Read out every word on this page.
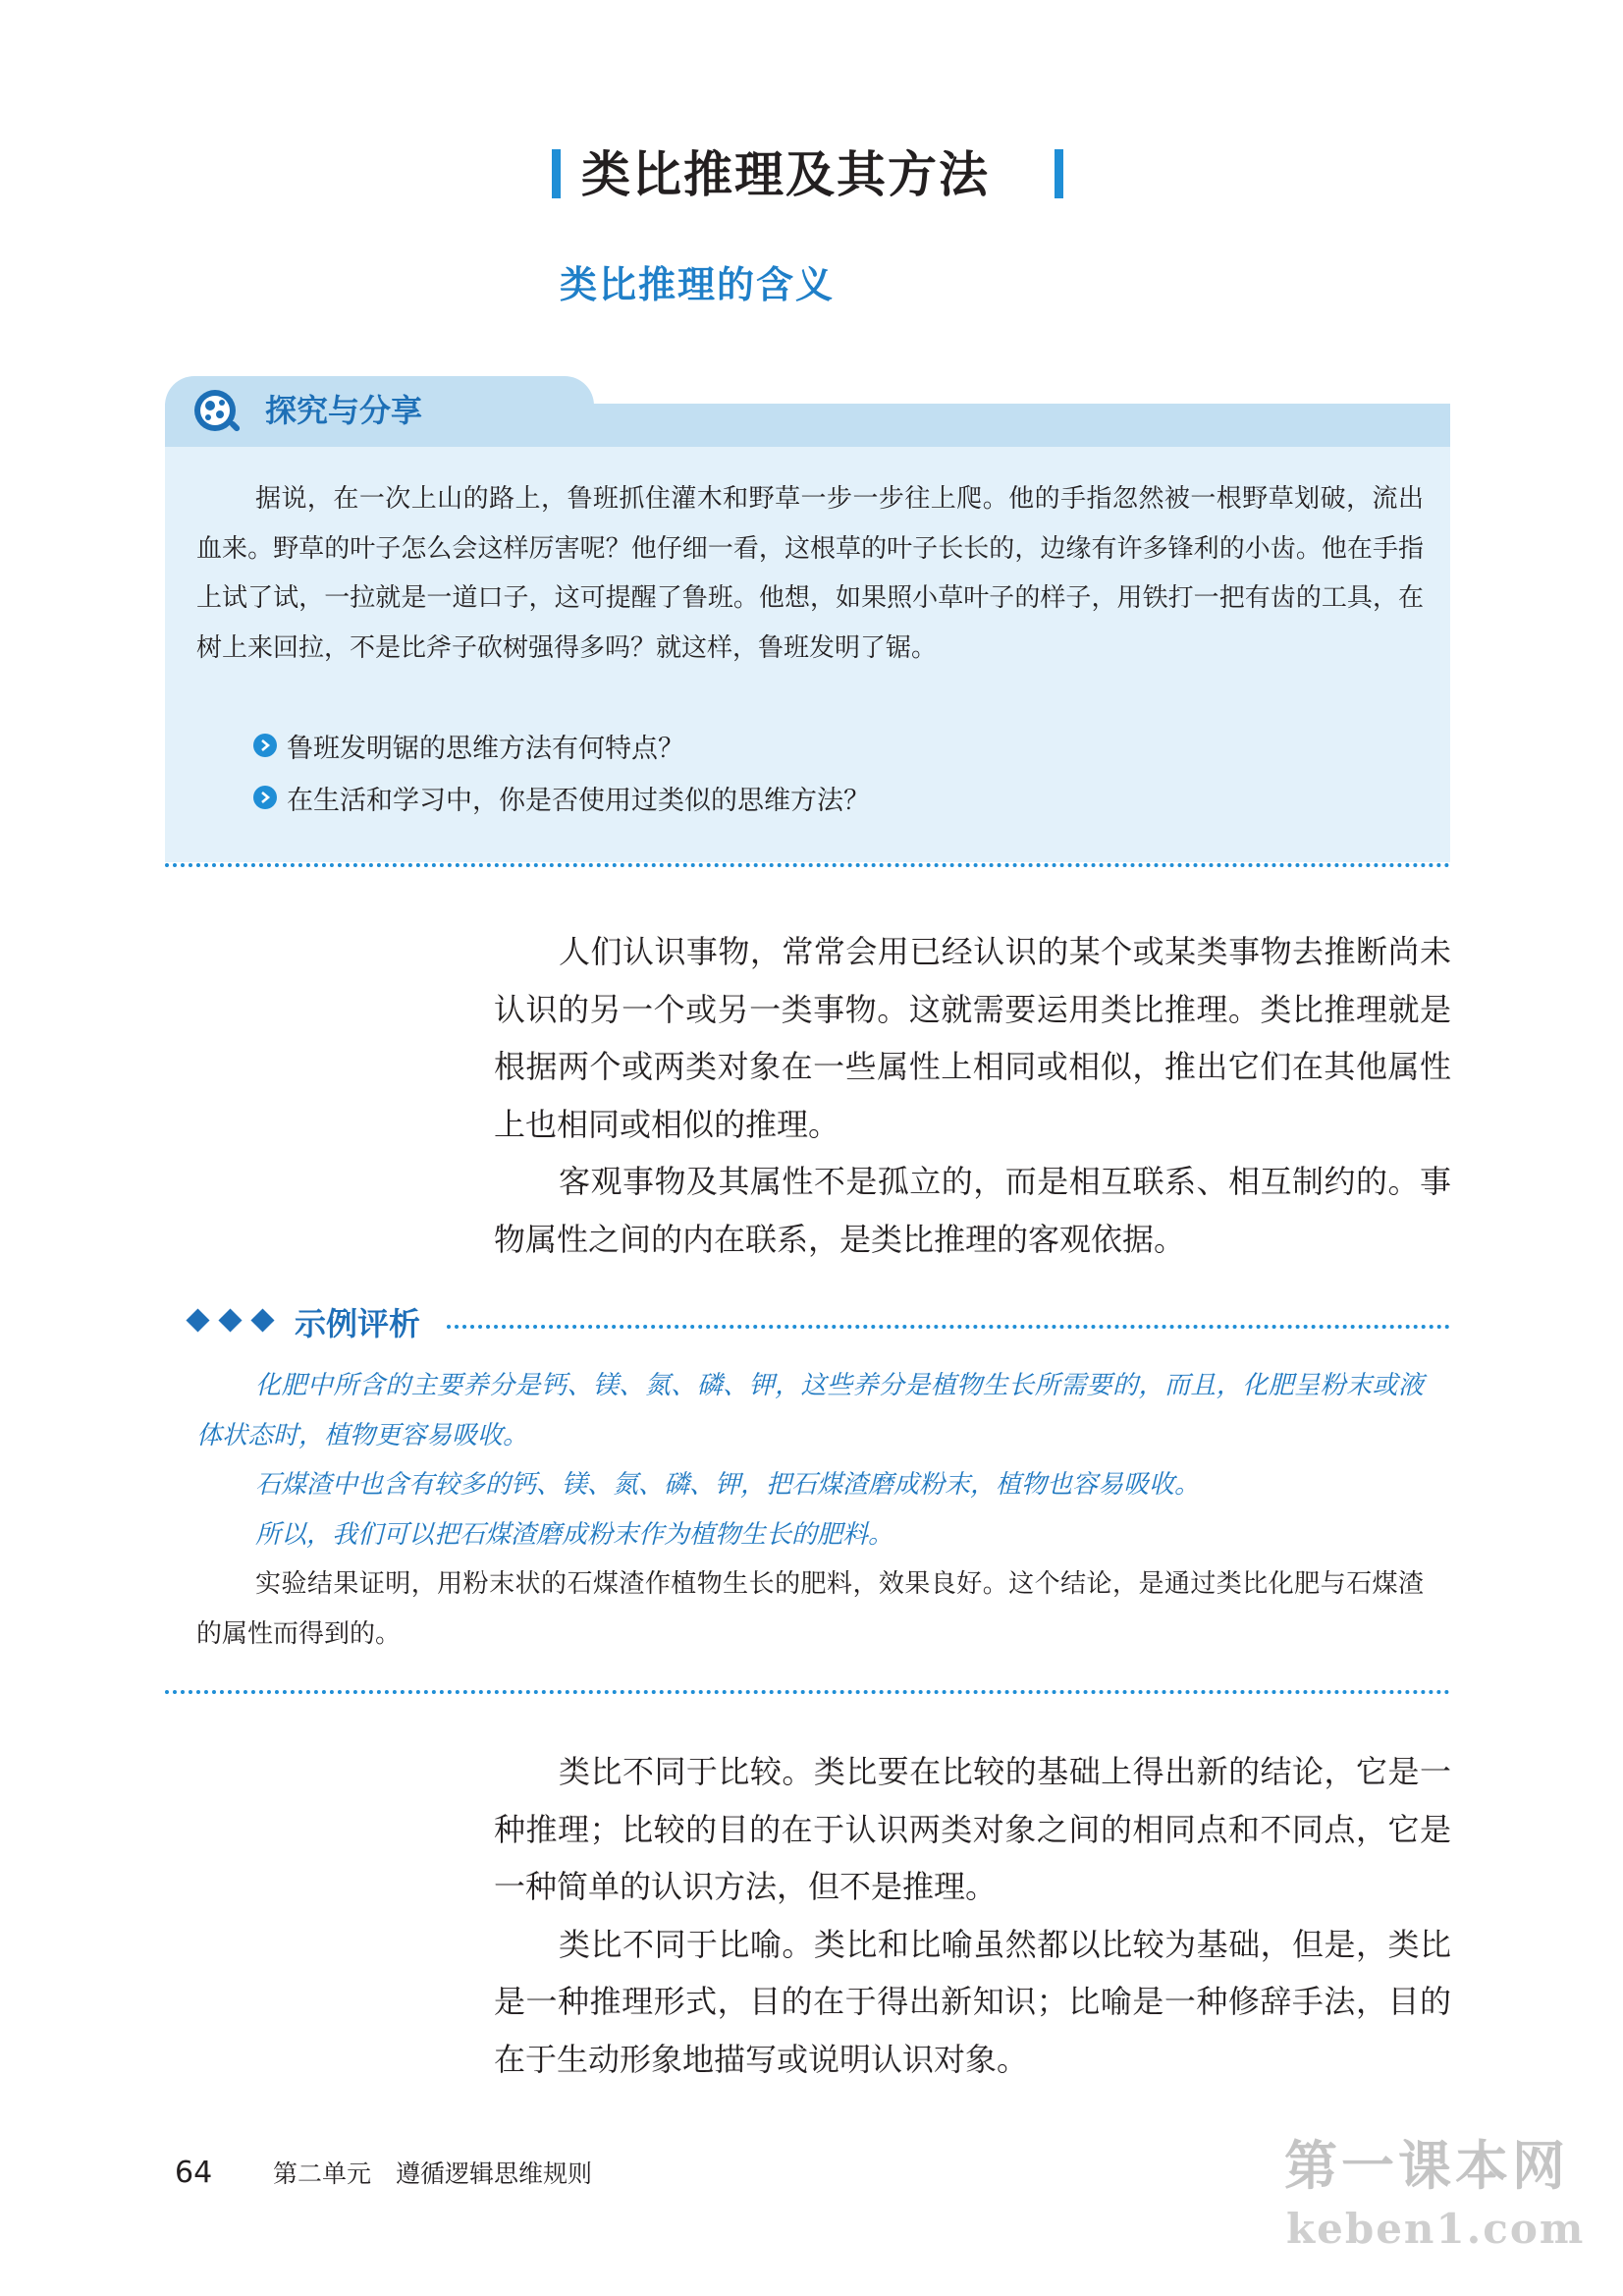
类比推理及其方法
类比推理的含义
探究与分享
据说，在一次上山的路上，鲁班抓住灌木和野草一步一步往上爬。他的手指忽然被一根野草划破，流出血来。野草的叶子怎么会这样厉害呢？他仔细一看，这根草的叶子长长的，边缘有许多锋利的小齿。他在手指上试了试，一拉就是一道口子，这可提醒了鲁班。他想，如果照小草叶子的样子，用铁打一把有齿的工具，在树上来回拉，不是比斧子砍树强得多吗？就这样，鲁班发明了锯。
鲁班发明锯的思维方法有何特点？
在生活和学习中，你是否使用过类似的思维方法？

人们认识事物，常常会用已经认识的某个或某类事物去推断尚未认识的另一个或另一类事物。这就需要运用类比推理。类比推理就是根据两个或两类对象在一些属性上相同或相似，推出它们在其他属性上也相同或相似的推理。

客观事物及其属性不是孤立的，而是相互联系、相互制约的。事物属性之间的内在联系，是类比推理的客观依据。

示例评析

化肥中所含的主要养分是钙、镁、氮、磷、钾，这些养分是植物生长所需要的，而且，化肥呈粉末或液体状态时，植物更容易吸收。

石煤渣中也含有较多的钙、镁、氮、磷、钾，把石煤渣磨成粉末，植物也容易吸收。

所以，我们可以把石煤渣磨成粉末作为植物生长的肥料。

实验结果证明，用粉末状的石煤渣作植物生长的肥料，效果良好。这个结论，是通过类比化肥与石煤渣的属性而得到的。

类比不同于比较。类比要在比较的基础上得出新的结论，它是一种推理；比较的目的在于认识两类对象之间的相同点和不同点，它是一种简单的认识方法，但不是推理。

类比不同于比喻。类比和比喻虽然都以比较为基础，但是，类比是一种推理形式，目的在于得出新知识；比喻是一种修辞手法，目的在于生动形象地描写或说明认识对象。

64 第二单元　遵循逻辑思维规则	第一课本网
keben1.com
